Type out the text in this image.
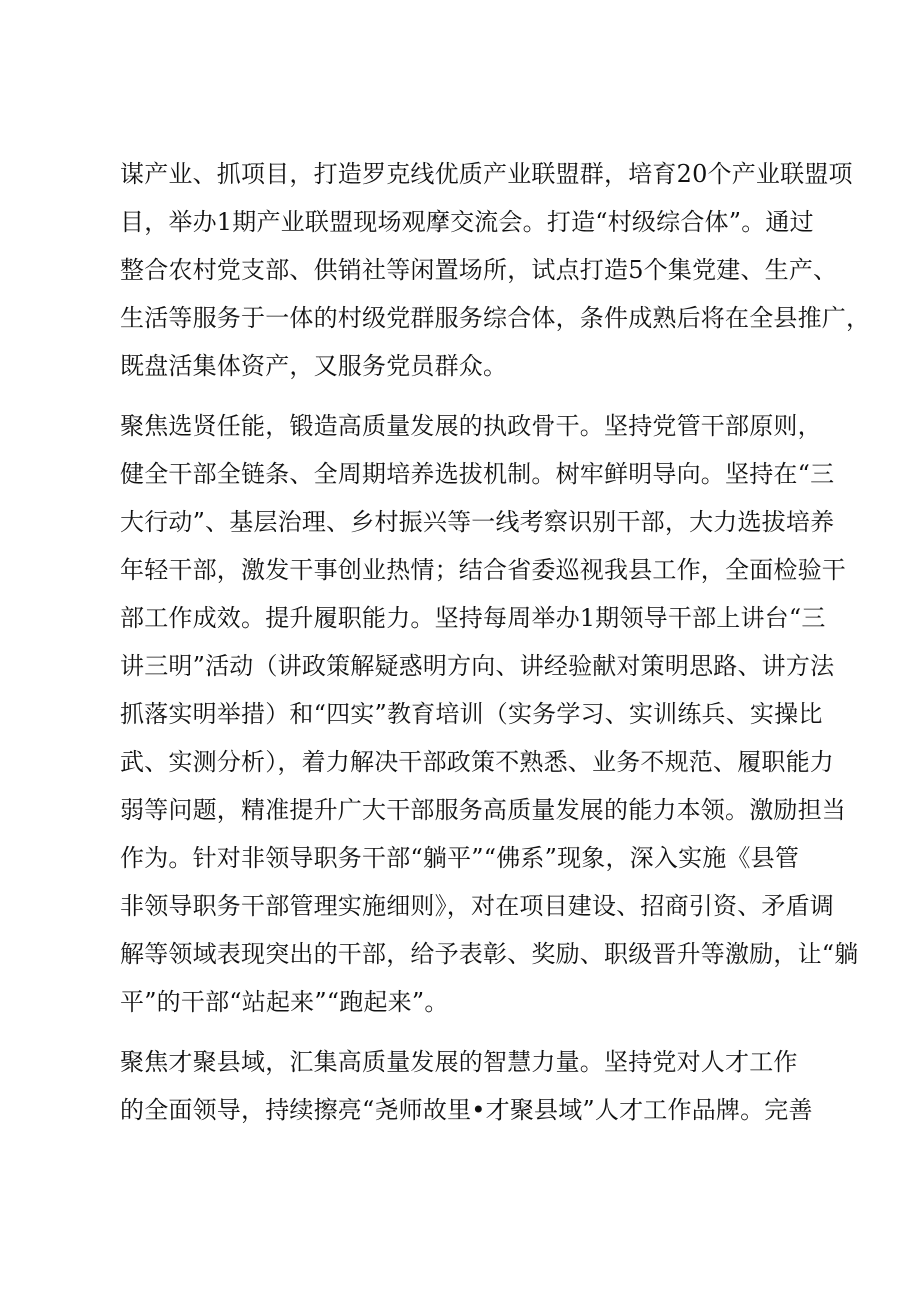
谋产业、抓项目，打造罗克线优质产业联盟群，培育20个产业联盟项
目，举办1期产业联盟现场观摩交流会。打造“村级综合体”。通过
整合农村党支部、供销社等闲置场所，试点打造5个集党建、生产、
生活等服务于一体的村级党群服务综合体，条件成熟后将在全县推广，
既盘活集体资产，又服务党员群众。
聚焦选贤任能，锻造高质量发展的执政骨干。坚持党管干部原则，
健全干部全链条、全周期培养选拔机制。树牢鲜明导向。坚持在“三
大行动”、基层治理、乡村振兴等一线考察识别干部，大力选拔培养
年轻干部，激发干事创业热情；结合省委巡视我县工作，全面检验干
部工作成效。提升履职能力。坚持每周举办1期领导干部上讲台“三
讲三明”活动（讲政策解疑惑明方向、讲经验献对策明思路、讲方法
抓落实明举措）和“四实”教育培训（实务学习、实训练兵、实操比
武、实测分析），着力解决干部政策不熟悉、业务不规范、履职能力
弱等问题，精准提升广大干部服务高质量发展的能力本领。激励担当
作为。针对非领导职务干部“躺平”“佛系”现象，深入实施《县管
非领导职务干部管理实施细则》，对在项目建设、招商引资、矛盾调
解等领域表现突出的干部，给予表彰、奖励、职级晋升等激励，让“躺
平”的干部“站起来”“跑起来”。
聚焦才聚县域，汇集高质量发展的智慧力量。坚持党对人才工作
的全面领导，持续擦亮“尧师故里•才聚县域”人才工作品牌。完善
